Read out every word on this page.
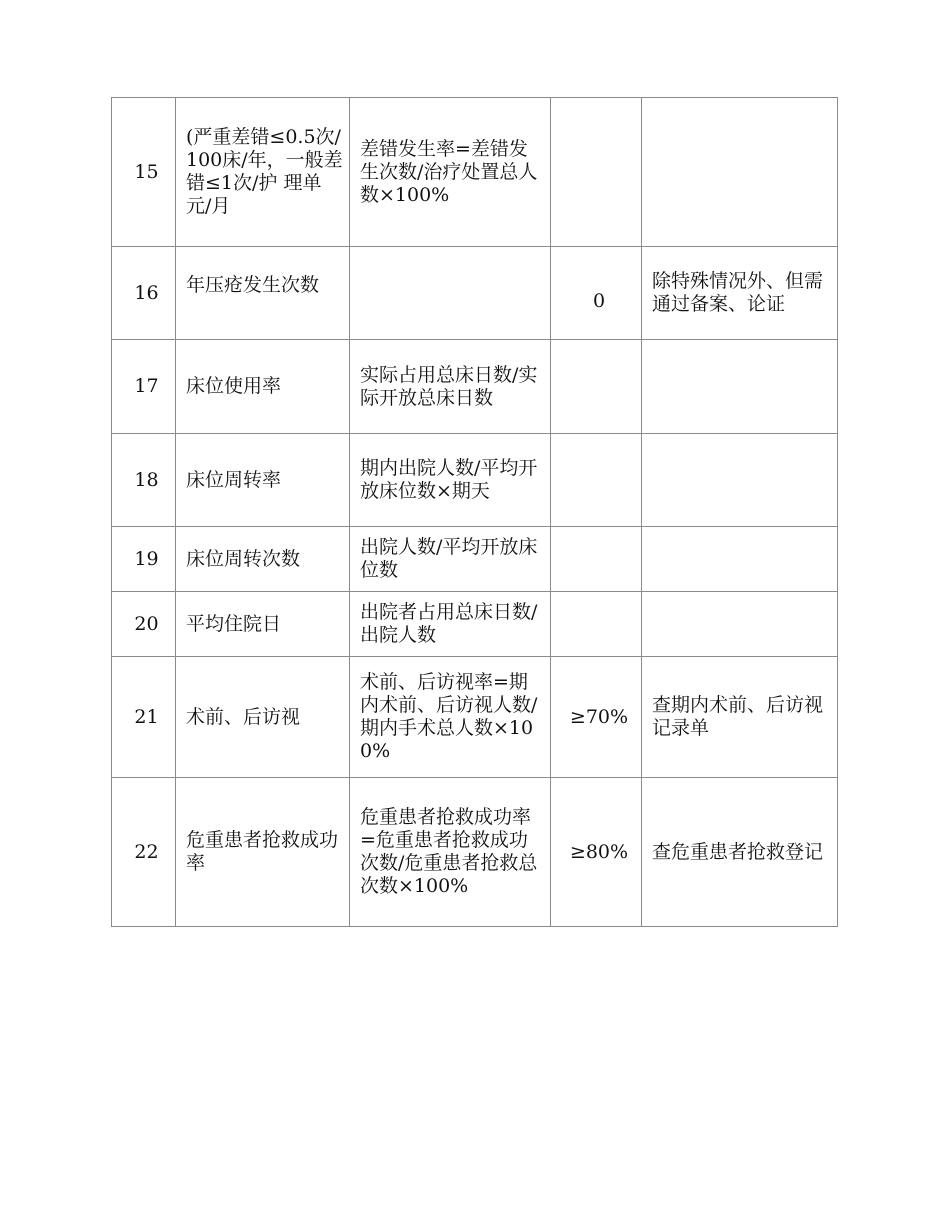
15	(严重差错≤0.5次/100床/年，一般差错≤1次/护 理单元/月	差错发生率=差错发生次数/治疗处置总人数×100%		
16	年压疮发生次数		0	除特殊情况外、但需通过备案、论证
17	床位使用率	实际占用总床日数/实际开放总床日数		
18	床位周转率	期内出院人数/平均开放床位数×期天		
19	床位周转次数	出院人数/平均开放床位数		
20	平均住院日	出院者占用总床日数/出院人数		
21	术前、后访视	术前、后访视率=期内术前、后访视人数/期内手术总人数×100%	≥70%	查期内术前、后访视记录单
22	危重患者抢救成功率	危重患者抢救成功率=危重患者抢救成功次数/危重患者抢救总次数×100%	≥80%	查危重患者抢救登记
